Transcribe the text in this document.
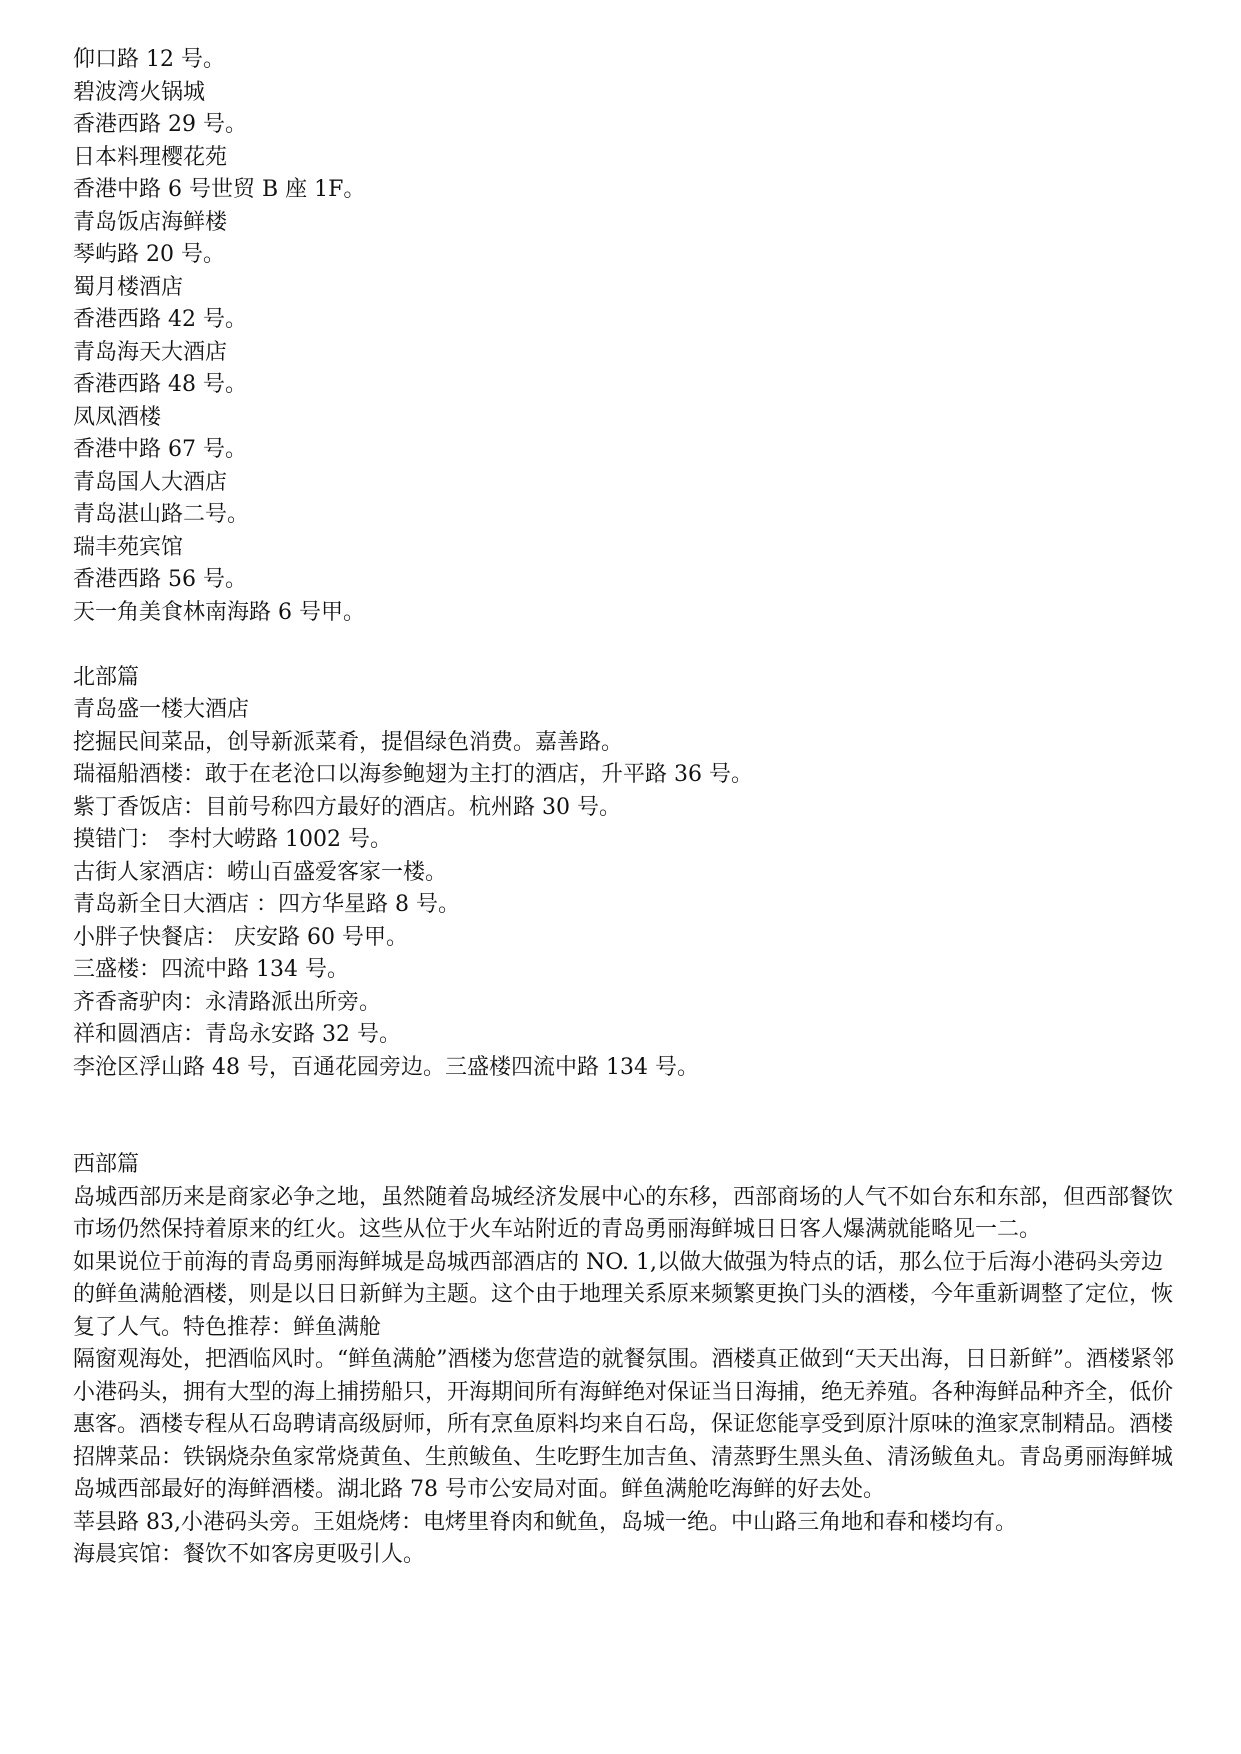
仰口路 12 号。

碧波湾火锅城

香港西路 29 号。

日本料理樱花苑

香港中路 6 号世贸 B 座 1F。

青岛饭店海鲜楼

琴屿路 20 号。

蜀月楼酒店

香港西路 42 号。

青岛海天大酒店

香港西路 48 号。

凤凤酒楼

香港中路 67 号。

青岛国人大酒店

青岛湛山路二号。

瑞丰苑宾馆

香港西路 56 号。

天一角美食林南海路 6 号甲。

北部篇

青岛盛一楼大酒店

挖掘民间菜品，创导新派菜肴，提倡绿色消费。嘉善路。

瑞福船酒楼：敢于在老沧口以海参鲍翅为主打的酒店，升平路 36 号。

紫丁香饭店：目前号称四方最好的酒店。杭州路 30 号。

摸错门： 李村大崂路 1002 号。

古街人家酒店：崂山百盛爱客家一楼。

青岛新全日大酒店 ：四方华星路 8 号。

小胖子快餐店： 庆安路 60 号甲。

三盛楼：四流中路 134 号。

齐香斋驴肉：永清路派出所旁。

祥和圆酒店：青岛永安路 32 号。

李沧区浮山路 48 号，百通花园旁边。三盛楼四流中路 134 号。

西部篇

岛城西部历来是商家必争之地，虽然随着岛城经济发展中心的东移，西部商场的人气不如台东和东部，但西部餐饮市场仍然保持着原来的红火。这些从位于火车站附近的青岛勇丽海鲜城日日客人爆满就能略见一二。

如果说位于前海的青岛勇丽海鲜城是岛城西部酒店的 NO. 1,以做大做强为特点的话，那么位于后海小港码头旁边的鲜鱼满舱酒楼，则是以日日新鲜为主题。这个由于地理关系原来频繁更换门头的酒楼，今年重新调整了定位，恢复了人气。特色推荐：鲜鱼满舱

隔窗观海处，把酒临风时。“鲜鱼满舱”酒楼为您营造的就餐氛围。酒楼真正做到“天天出海，日日新鲜”。酒楼紧邻小港码头，拥有大型的海上捕捞船只，开海期间所有海鲜绝对保证当日海捕，绝无养殖。各种海鲜品种齐全，低价惠客。酒楼专程从石岛聘请高级厨师，所有烹鱼原料均来自石岛，保证您能享受到原汁原味的渔家烹制精品。酒楼招牌菜品：铁锅烧杂鱼家常烧黄鱼、生煎鲅鱼、生吃野生加吉鱼、清蒸野生黑头鱼、清汤鲅鱼丸。青岛勇丽海鲜城

岛城西部最好的海鲜酒楼。湖北路 78 号市公安局对面。鲜鱼满舱吃海鲜的好去处。

莘县路 83,小港码头旁。王姐烧烤：电烤里脊肉和鱿鱼，岛城一绝。中山路三角地和春和楼均有。

海晨宾馆：餐饮不如客房更吸引人。
